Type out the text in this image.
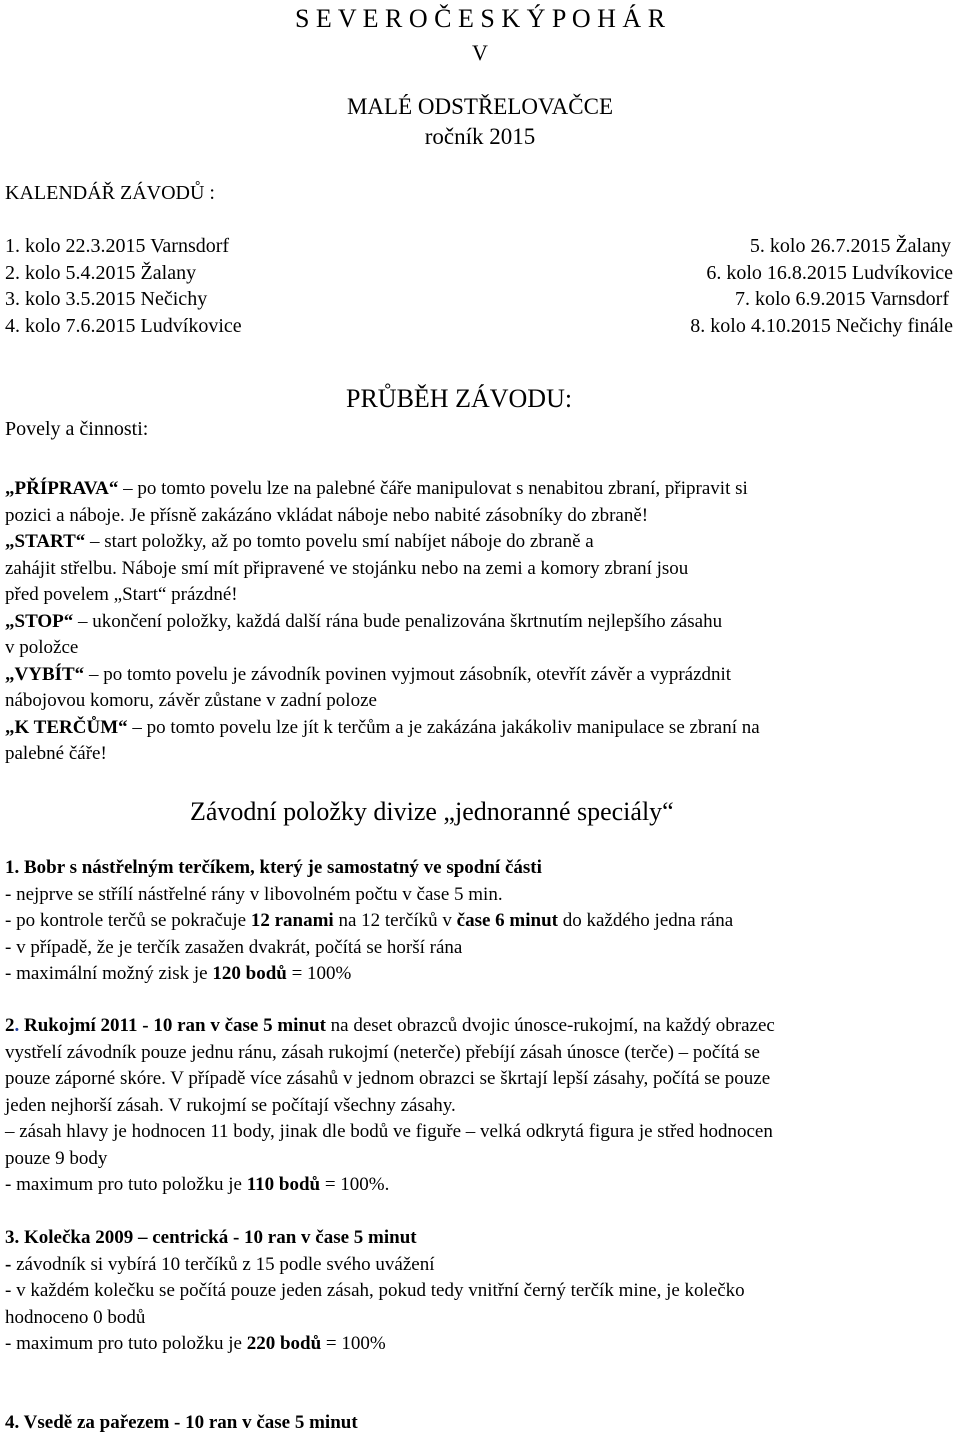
S E V E R O Č E S K Ý P O H Á R
V
MALÉ ODSTŘELOVAČCE
ročník 2015
KALENDÁŘ ZÁVODŮ :
1. kolo 22.3.2015 Varnsdorf
2. kolo 5.4.2015 Žalany
3. kolo 3.5.2015 Nečichy
4. kolo 7.6.2015 Ludvíkovice
5. kolo 26.7.2015 Žalany
6. kolo 16.8.2015 Ludvíkovice
7. kolo 6.9.2015 Varnsdorf
8. kolo 4.10.2015 Nečichy finále
PRŮBĚH ZÁVODU:
Povely a činnosti:
„PŘÍPRAVA“ – po tomto povelu lze na palebné čáře manipulovat s nenabitou zbraní, připravit si
pozici a náboje. Je přísně zakázáno vkládat náboje nebo nabité zásobníky do zbraně!
„START“ – start položky, až po tomto povelu smí nabíjet náboje do zbraně a
zahájit střelbu. Náboje smí mít připravené ve stojánku nebo na zemi a komory zbraní jsou
před povelem „Start“ prázdné!
„STOP“ – ukončení položky, každá další rána bude penalizována škrtnutím nejlepšího zásahu
v položce
„VYBÍT“ – po tomto povelu je závodník povinen vyjmout zásobník, otevřít závěr a vyprázdnit
nábojovou komoru, závěr zůstane v zadní poloze
„K TERČŮM“ – po tomto povelu lze jít k terčům a je zakázána jakákoliv manipulace se zbraní na
palebné čáře!
Závodní položky divize „jednoranné speciály“
1. Bobr s nástřelným terčíkem, který je samostatný ve spodní části
- nejprve se střílí nástřelné rány v libovolném počtu v čase 5 min.
- po kontrole terčů se pokračuje 12 ranami na 12 terčíků v čase 6 minut do každého jedna rána
- v případě, že je terčík zasažen dvakrát, počítá se horší rána
- maximální možný zisk je 120 bodů = 100%
2. Rukojmí 2011 - 10 ran v čase 5 minut na deset obrazců dvojic únosce-rukojmí, na každý obrazec
vystřelí závodník pouze jednu ránu, zásah rukojmí (neterče) přebíjí zásah únosce (terče) – počítá se
pouze záporné skóre. V případě více zásahů v jednom obrazci se škrtají lepší zásahy, počítá se pouze
jeden nejhorší zásah. V rukojmí se počítají všechny zásahy.
– zásah hlavy je hodnocen 11 body, jinak dle bodů ve figuře – velká odkrytá figura je střed hodnocen
pouze 9 body
- maximum pro tuto položku je 110 bodů = 100%.
3. Kolečka 2009 – centrická - 10 ran v čase 5 minut
- závodník si vybírá 10 terčíků z 15 podle svého uvážení
- v každém kolečku se počítá pouze jeden zásah, pokud tedy vnitřní černý terčík mine, je kolečko
hodnoceno 0 bodů
- maximum pro tuto položku je 220 bodů = 100%
4. Vsedě za pařezem - 10 ran v čase 5 minut
